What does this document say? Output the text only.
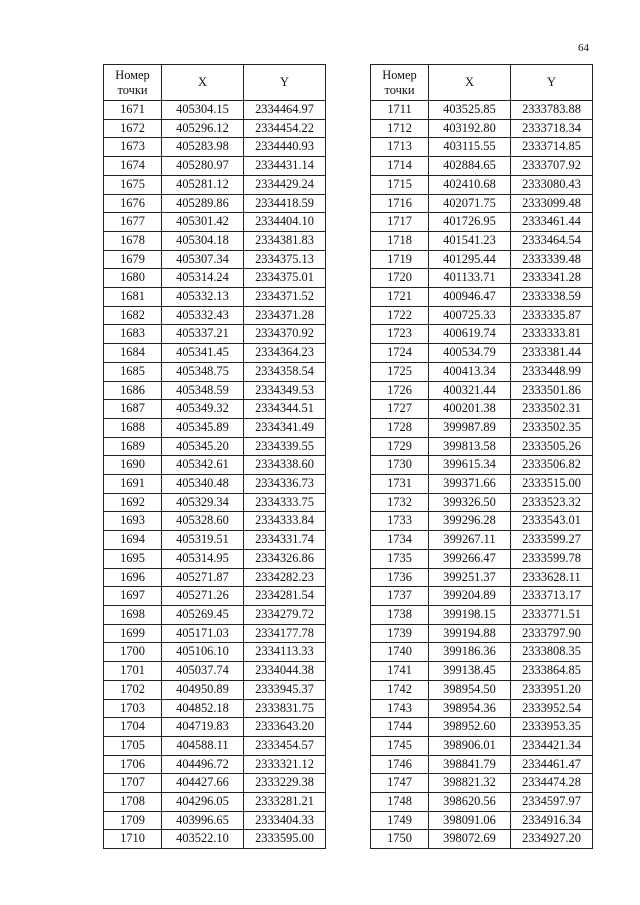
64
Номер
точки	X	Y
1671	405304.15	2334464.97
1672	405296.12	2334454.22
1673	405283.98	2334440.93
1674	405280.97	2334431.14
1675	405281.12	2334429.24
1676	405289.86	2334418.59
1677	405301.42	2334404.10
1678	405304.18	2334381.83
1679	405307.34	2334375.13
1680	405314.24	2334375.01
1681	405332.13	2334371.52
1682	405332.43	2334371.28
1683	405337.21	2334370.92
1684	405341.45	2334364.23
1685	405348.75	2334358.54
1686	405348.59	2334349.53
1687	405349.32	2334344.51
1688	405345.89	2334341.49
1689	405345.20	2334339.55
1690	405342.61	2334338.60
1691	405340.48	2334336.73
1692	405329.34	2334333.75
1693	405328.60	2334333.84
1694	405319.51	2334331.74
1695	405314.95	2334326.86
1696	405271.87	2334282.23
1697	405271.26	2334281.54
1698	405269.45	2334279.72
1699	405171.03	2334177.78
1700	405106.10	2334113.33
1701	405037.74	2334044.38
1702	404950.89	2333945.37
1703	404852.18	2333831.75
1704	404719.83	2333643.20
1705	404588.11	2333454.57
1706	404496.72	2333321.12
1707	404427.66	2333229.38
1708	404296.05	2333281.21
1709	403996.65	2333404.33
1710	403522.10	2333595.00
Номер
точки	X	Y
1711	403525.85	2333783.88
1712	403192.80	2333718.34
1713	403115.55	2333714.85
1714	402884.65	2333707.92
1715	402410.68	2333080.43
1716	402071.75	2333099.48
1717	401726.95	2333461.44
1718	401541.23	2333464.54
1719	401295.44	2333339.48
1720	401133.71	2333341.28
1721	400946.47	2333338.59
1722	400725.33	2333335.87
1723	400619.74	2333333.81
1724	400534.79	2333381.44
1725	400413.34	2333448.99
1726	400321.44	2333501.86
1727	400201.38	2333502.31
1728	399987.89	2333502.35
1729	399813.58	2333505.26
1730	399615.34	2333506.82
1731	399371.66	2333515.00
1732	399326.50	2333523.32
1733	399296.28	2333543.01
1734	399267.11	2333599.27
1735	399266.47	2333599.78
1736	399251.37	2333628.11
1737	399204.89	2333713.17
1738	399198.15	2333771.51
1739	399194.88	2333797.90
1740	399186.36	2333808.35
1741	399138.45	2333864.85
1742	398954.50	2333951.20
1743	398954.36	2333952.54
1744	398952.60	2333953.35
1745	398906.01	2334421.34
1746	398841.79	2334461.47
1747	398821.32	2334474.28
1748	398620.56	2334597.97
1749	398091.06	2334916.34
1750	398072.69	2334927.20
